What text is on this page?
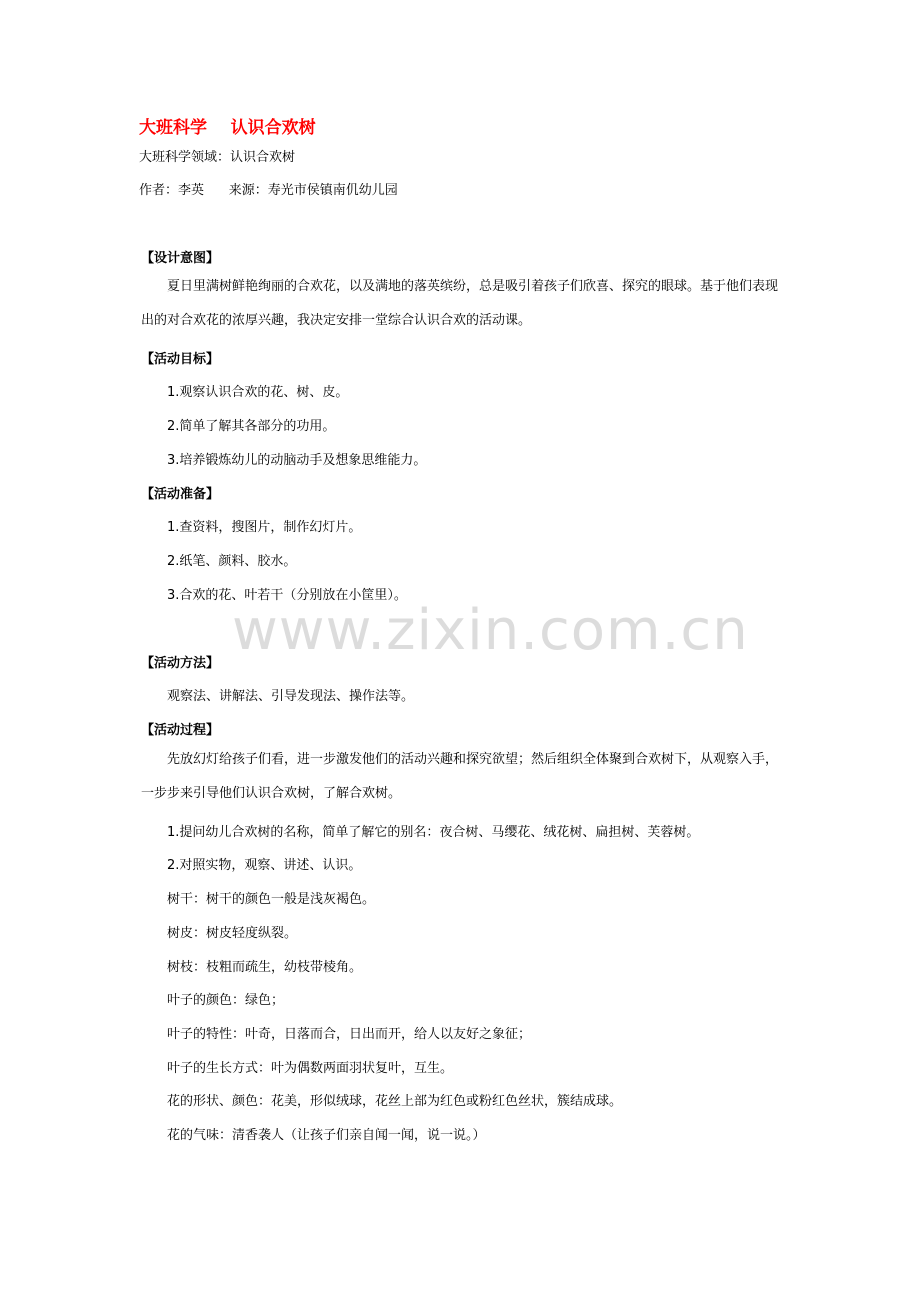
大班科学    认识合欢树
大班科学领域：认识合欢树
作者：李英      来源：寿光市侯镇南仉幼儿园
【设计意图】
夏日里满树鲜艳绚丽的合欢花，以及满地的落英缤纷，总是吸引着孩子们欣喜、探究的眼球。基于他们表现出的对合欢花的浓厚兴趣，我决定安排一堂综合认识合欢的活动课。
【活动目标】
1.观察认识合欢的花、树、皮。
2.简单了解其各部分的功用。
3.培养锻炼幼儿的动脑动手及想象思维能力。
【活动准备】
1.查资料，搜图片，制作幻灯片。
2.纸笔、颜料、胶水。
3.合欢的花、叶若干（分别放在小筐里）。
www.zixin.com.cn
【活动方法】
观察法、讲解法、引导发现法、操作法等。
【活动过程】
先放幻灯给孩子们看，进一步激发他们的活动兴趣和探究欲望；然后组织全体聚到合欢树下，从观察入手，一步步来引导他们认识合欢树，了解合欢树。
1.提问幼儿合欢树的名称，简单了解它的别名：夜合树、马缨花、绒花树、扁担树、芙蓉树。
2.对照实物，观察、讲述、认识。
树干：树干的颜色一般是浅灰褐色。
树皮：树皮轻度纵裂。
树枝：枝粗而疏生，幼枝带棱角。
叶子的颜色：绿色；
叶子的特性：叶奇，日落而合，日出而开，给人以友好之象征；
叶子的生长方式：叶为偶数两面羽状复叶，互生。
花的形状、颜色：花美，形似绒球，花丝上部为红色或粉红色丝状，簇结成球。
花的气味：清香袭人（让孩子们亲自闻一闻，说一说。）
